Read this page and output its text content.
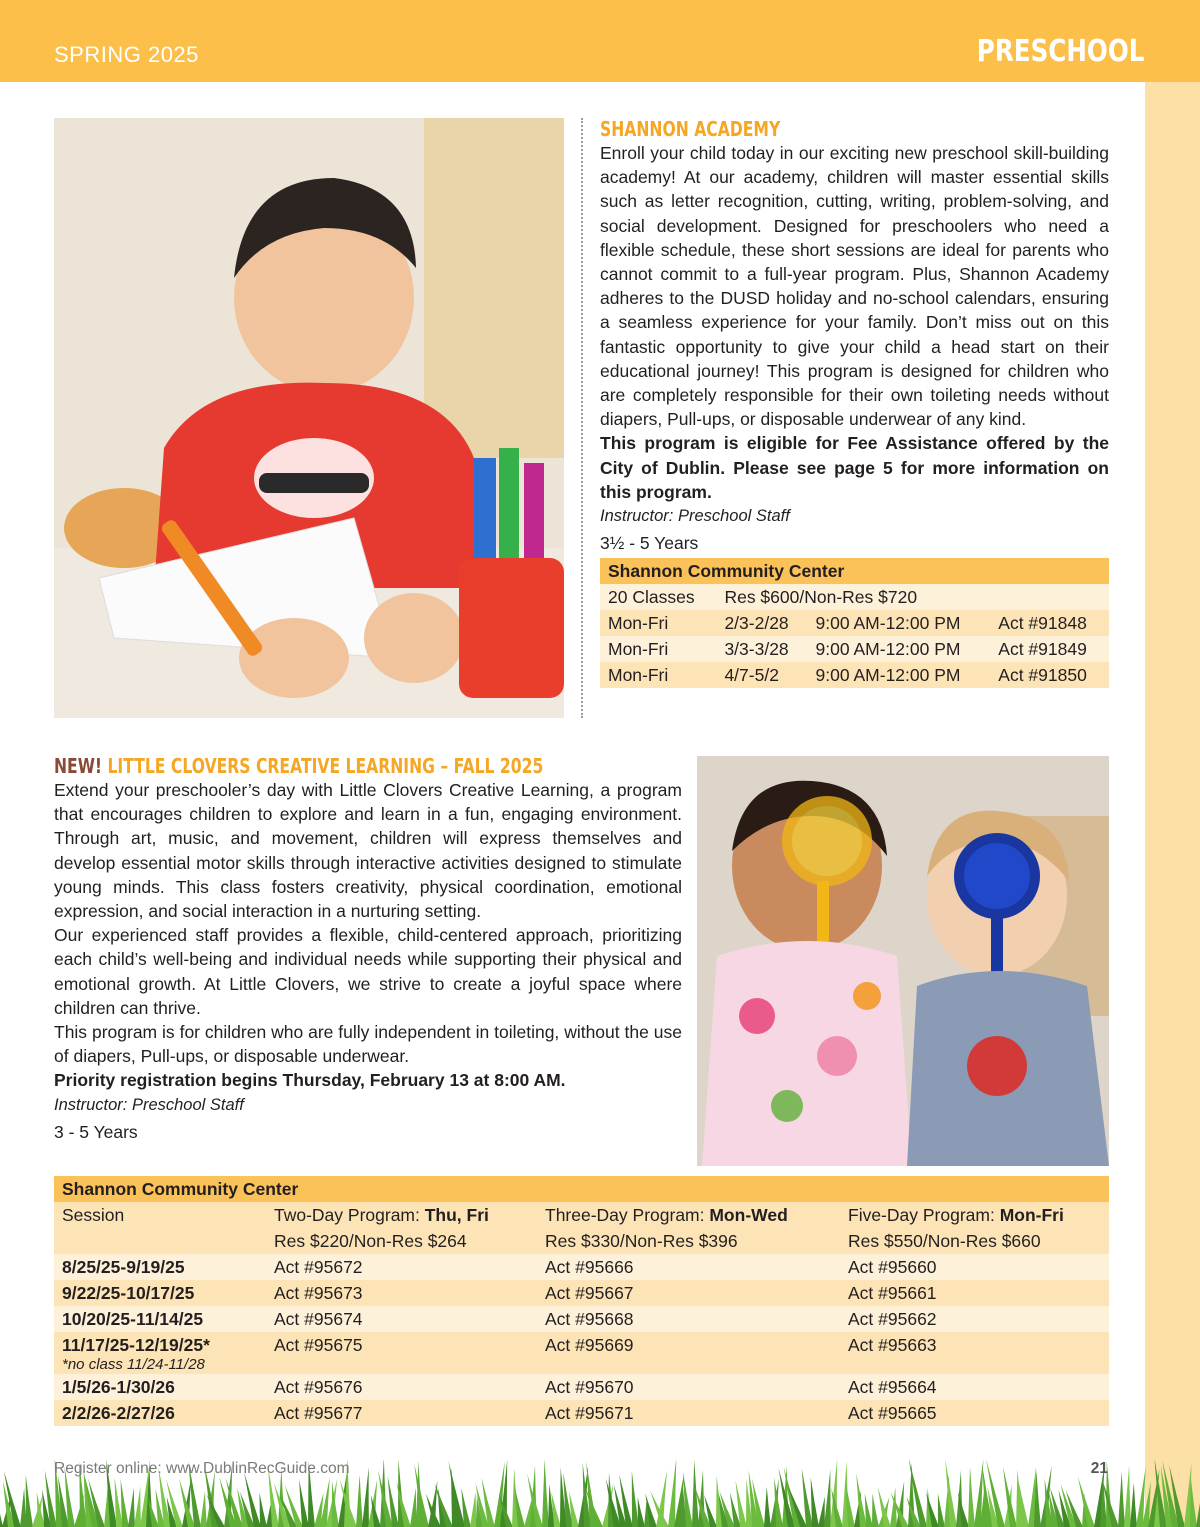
SPRING 2025	PRESCHOOL
SHANNON ACADEMY

Enroll your child today in our exciting new preschool skill-building academy! At our academy, children will master essential skills such as letter recognition, cutting, writing, problem-solving, and social development. Designed for preschoolers who need a flexible schedule, these short sessions are ideal for parents who cannot commit to a full-year program. Plus, Shannon Academy adheres to the DUSD holiday and no-school calendars, ensuring a seamless experience for your family. Don’t miss out on this fantastic opportunity to give your child a head start on their educational journey! This program is designed for children who are completely responsible for their own toileting needs without diapers, Pull-ups, or disposable underwear of any kind.

This program is eligible for Fee Assistance offered by the City of Dublin. Please see page 5 for more information on this program.

Instructor: Preschool Staff

3½ - 5 Years

Shannon Community Center			
20 Classes	Res $600/Non-Res $720		
Mon-Fri	2/3-2/28	9:00 AM-12:00 PM	Act #91848
Mon-Fri	3/3-3/28	9:00 AM-12:00 PM	Act #91849
Mon-Fri	4/7-5/2	9:00 AM-12:00 PM	Act #91850
NEW! LITTLE CLOVERS CREATIVE LEARNING – FALL 2025

Extend your preschooler’s day with Little Clovers Creative Learning, a program that encourages children to explore and learn in a fun, engaging environment. Through art, music, and movement, children will express themselves and develop essential motor skills through interactive activities designed to stimulate young minds. This class fosters creativity, physical coordination, emotional expression, and social interaction in a nurturing setting.

Our experienced staff provides a flexible, child-centered approach, prioritizing each child’s well-being and individual needs while supporting their physical and emotional growth. At Little Clovers, we strive to create a joyful space where children can thrive.

This program is for children who are fully independent in toileting, without the use of diapers, Pull-ups, or disposable underwear.

Priority registration begins Thursday, February 13 at 8:00 AM.

Instructor: Preschool Staff

3 - 5 Years

Shannon Community Center			
Session	Two-Day Program: Thu, Fri	Three-Day Program: Mon-Wed	Five-Day Program: Mon-Fri
	Res $220/Non-Res $264	Res $330/Non-Res $396	Res $550/Non-Res $660
8/25/25-9/19/25	Act #95672	Act #95666	Act #95660
9/22/25-10/17/25	Act #95673	Act #95667	Act #95661
10/20/25-11/14/25	Act #95674	Act #95668	Act #95662
11/17/25-12/19/25*
*no class 11/24-11/28	Act #95675	Act #95669	Act #95663
1/5/26-1/30/26	Act #95676	Act #95670	Act #95664
2/2/26-2/27/26	Act #95677	Act #95671	Act #95665
Register online: www.DublinRecGuide.com	21
